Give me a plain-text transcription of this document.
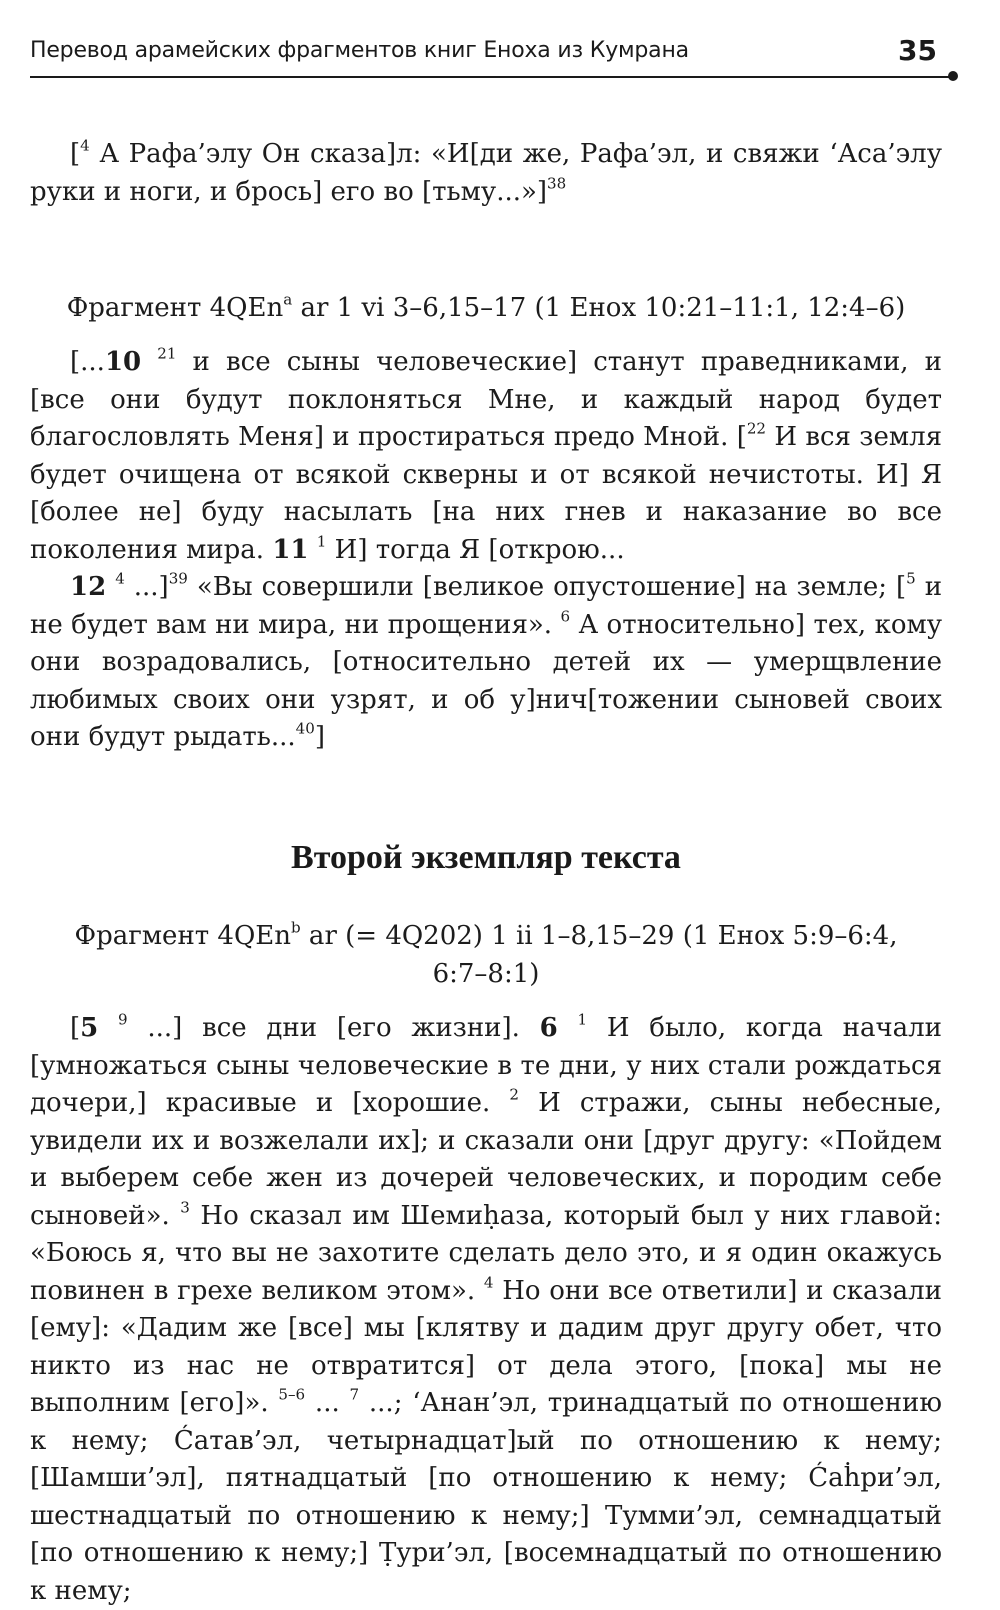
Перевод арамейских фрагментов книг Еноха из Кумрана	35

[$^4$ А Рафа’элу Он сказа]л: «И[ди же, Рафа’эл, и свяжи ‘Аса’элу руки и ноги, и брось] его во [тьму...»]$^{38}$

Фрагмент 4QEn$^a$ ar 1 vi 3–6,15–17 (1 Енох 10:21–11:1, 12:4–6)

[...10 $^{21}$ и все сыны человеческие] станут праведниками, и [все они будут поклоняться Мне, и каждый народ будет благословлять Меня] и простираться предо Мной. [$^{22}$ И вся земля будет очищена от всякой скверны и от всякой нечистоты. И] Я [более не] буду насылать [на них гнев и наказание во все поколения мира. 11 $^1$ И] тогда Я [открою...

12 $^4$ ...]$^{39}$ «Вы совершили [великое опустошение] на земле; [$^5$ и не будет вам ни мира, ни прощения». $^6$ А относительно] тех, кому они возрадовались, [относительно детей их — умерщвление любимых своих они узрят, и об у]нич[тожении сыновей своих они будут рыдать...$^{40}$]

Второй экземпляр текста

Фрагмент 4QEn$^b$ ar (= 4Q202) 1 ii 1–8,15–29 (1 Енох 5:9–6:4, 6:7–8:1)

[5 $^9$ ...] все дни [его жизни]. 6 $^1$ И было, когда начали [умножаться сыны человеческие в те дни, у них стали рождаться дочери,] красивые и [хорошие. $^2$ И стражи, сыны небесные, увидели их и возжелали их]; и сказали они [друг другу: «Пойдем и выберем себе жен из дочерей человеческих, и породим себе сыновей». $^3$ Но сказал им Шемиḥаза, который был у них главой: «Боюсь я, что вы не захотите сделать дело это, и я один окажусь повинен в грехе великом этом». $^4$ Но они все ответили] и сказали [ему]: «Дадим же [все] мы [клятву и дадим друг другу обет, что никто из нас не отвратится] от дела этого, [пока] мы не выполним [его]». $^{5-6}$ ... $^7$ ...; ‘Анан’эл, тринадцатый по отношению к нему; Ćатав’эл, четырнадцат]ый по отношению к нему; [Шамши’эл], пятнадцатый [по отношению к нему; Ćаḣри’эл, шестнадцатый по отношению к нему;] Тумми’эл, семнадцатый [по отношению к нему;] Ṭури’эл, [восемнадцатый по отношению к нему;
